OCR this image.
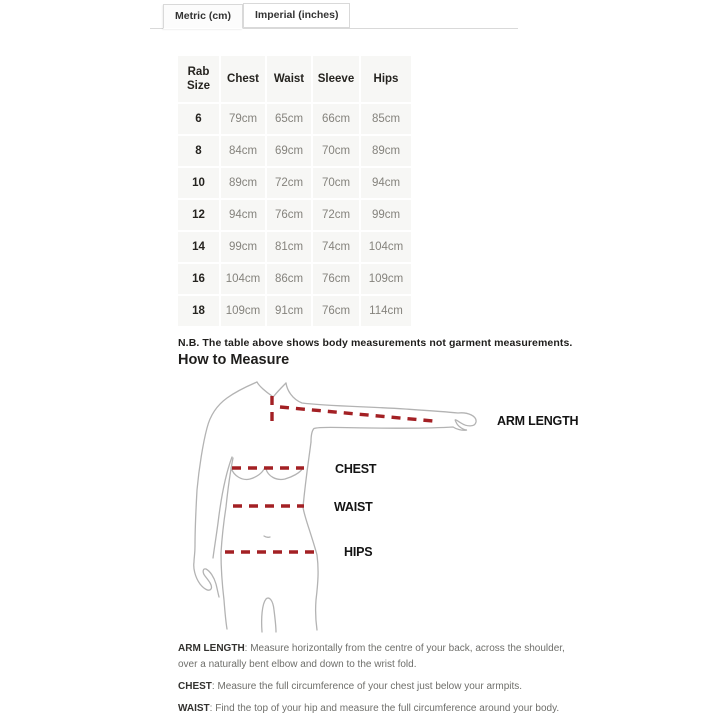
Metric (cm) Imperial (inches)
Rab Size	Chest	Waist	Sleeve	Hips
6	79cm	65cm	66cm	85cm
8	84cm	69cm	70cm	89cm
10	89cm	72cm	70cm	94cm
12	94cm	76cm	72cm	99cm
14	99cm	81cm	74cm	104cm
16	104cm	86cm	76cm	109cm
18	109cm	91cm	76cm	114cm
N.B. The table above shows body measurements not garment measurements.
How to Measure
ARM LENGTH
CHEST
WAIST
HIPS

ARM LENGTH: Measure horizontally from the centre of your back, across the shoulder, over a naturally bent elbow and down to the wrist fold.

CHEST: Measure the full circumference of your chest just below your armpits.

WAIST: Find the top of your hip and measure the full circumference around your body.
